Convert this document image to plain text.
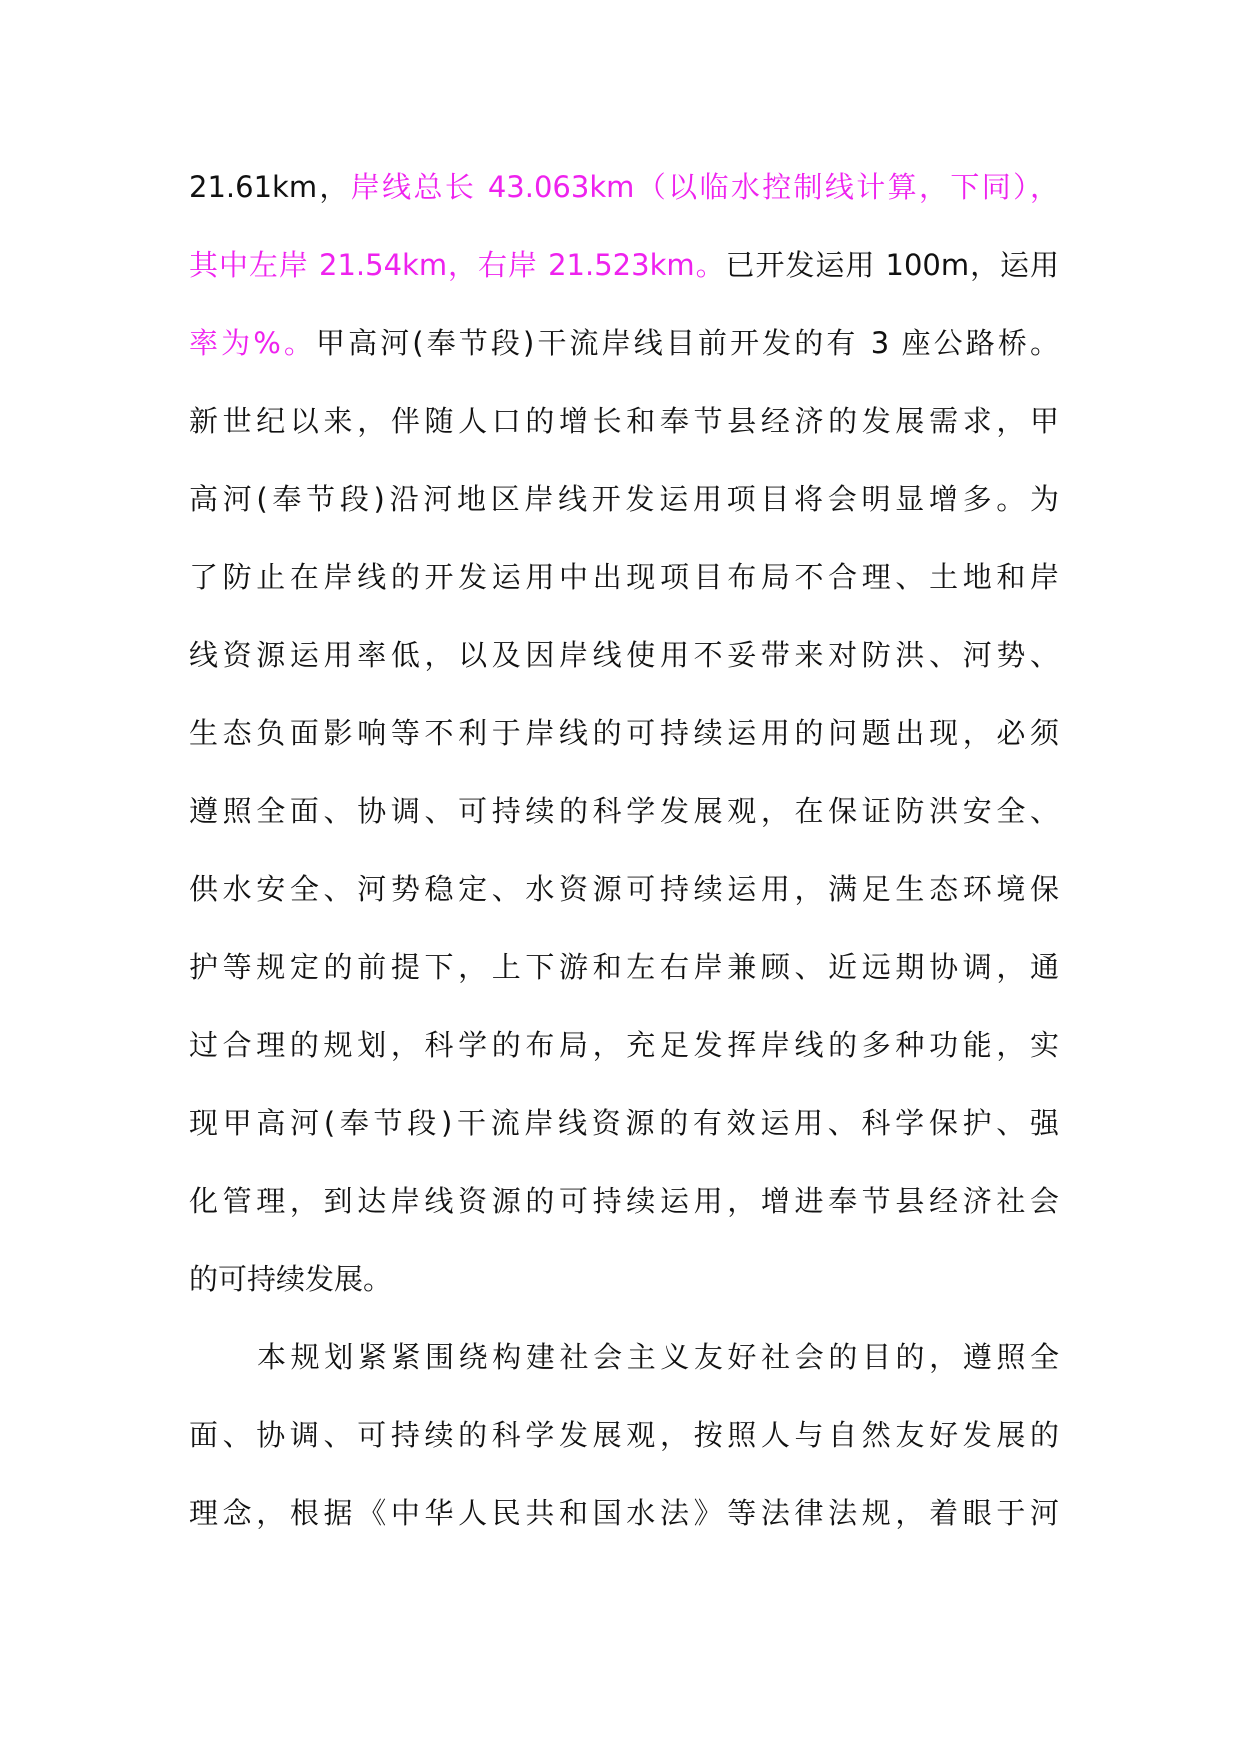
21.61km，岸线总长 43.063km（以临水控制线计算，下同），
其中左岸 21.54km，右岸 21.523km。已开发运用 100m，运用
率为%。甲高河(奉节段)干流岸线目前开发的有 3 座公路桥。
新世纪以来，伴随人口的增长和奉节县经济的发展需求，甲
高河(奉节段)沿河地区岸线开发运用项目将会明显增多。为
了防止在岸线的开发运用中出现项目布局不合理、土地和岸
线资源运用率低，以及因岸线使用不妥带来对防洪、河势、
生态负面影响等不利于岸线的可持续运用的问题出现，必须
遵照全面、协调、可持续的科学发展观，在保证防洪安全、
供水安全、河势稳定、水资源可持续运用，满足生态环境保
护等规定的前提下，上下游和左右岸兼顾、近远期协调，通
过合理的规划，科学的布局，充足发挥岸线的多种功能，实
现甲高河(奉节段)干流岸线资源的有效运用、科学保护、强
化管理，到达岸线资源的可持续运用，增进奉节县经济社会
的可持续发展。
本规划紧紧围绕构建社会主义友好社会的目的，遵照全
面、协调、可持续的科学发展观，按照人与自然友好发展的
理念，根据《中华人民共和国水法》等法律法规，着眼于河
